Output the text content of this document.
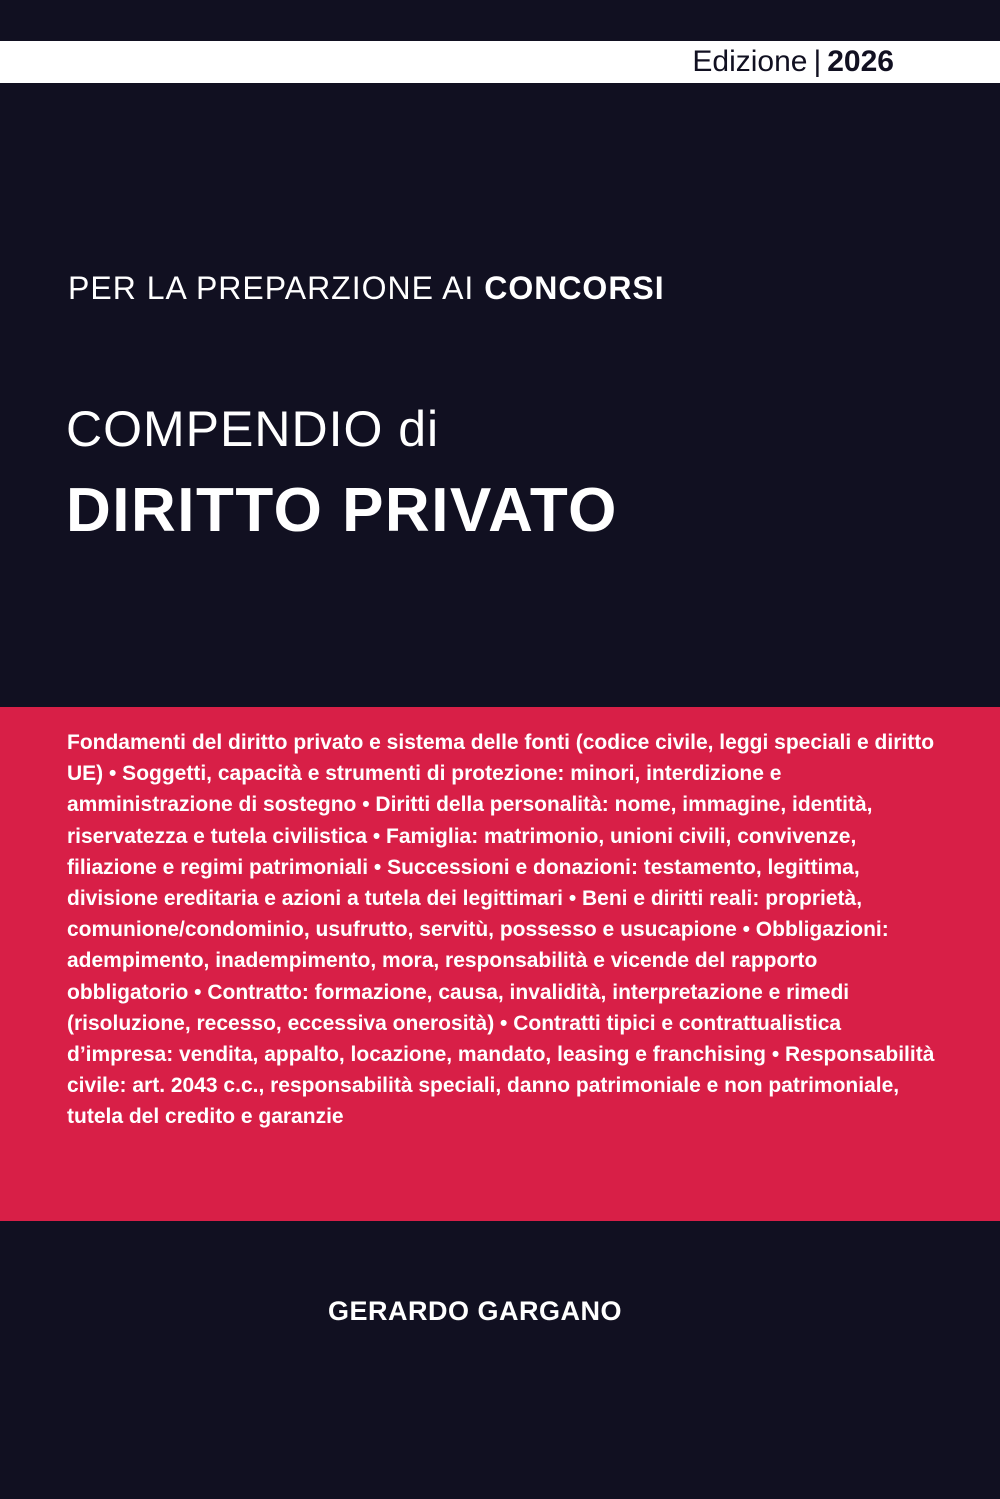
Edizione | 2026
PER LA PREPARZIONE AI CONCORSI
COMPENDIO di
DIRITTO PRIVATO
Fondamenti del diritto privato e sistema delle fonti (codice civile, leggi speciali e diritto UE) • Soggetti, capacità e strumenti di protezione: minori, interdizione e amministrazione di sostegno • Diritti della personalità: nome, immagine, identità, riservatezza e tutela civilistica • Famiglia: matrimonio, unioni civili, convivenze, filiazione e regimi patrimoniali • Successioni e donazioni: testamento, legittima, divisione ereditaria e azioni a tutela dei legittimari • Beni e diritti reali: proprietà, comunione/condominio, usufrutto, servitù, possesso e usucapione • Obbligazioni: adempimento, inadempimento, mora, responsabilità e vicende del rapporto obbligatorio • Contratto: formazione, causa, invalidità, interpretazione e rimedi (risoluzione, recesso, eccessiva onerosità) • Contratti tipici e contrattualistica d’impresa: vendita, appalto, locazione, mandato, leasing e franchising • Responsabilità civile: art. 2043 c.c., responsabilità speciali, danno patrimoniale e non patrimoniale, tutela del credito e garanzie
GERARDO GARGANO
